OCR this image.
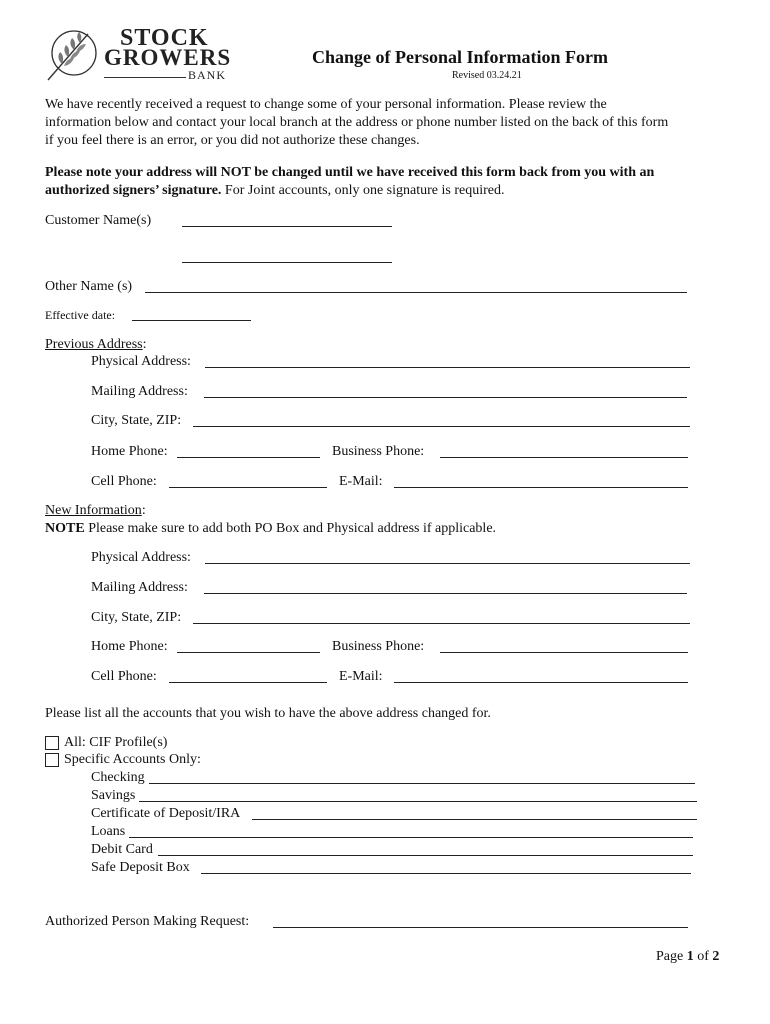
STOCK
GROWERS
BANK
Change of Personal Information Form
Revised 03.24.21
We have recently received a request to change some of your personal information. Please review the
information below and contact your local branch at the address or phone number listed on the back of this form
if you feel there is an error, or you did not authorize these changes.
Please note your address will NOT be changed until we have received this form back from you with an
authorized signers’ signature. For Joint accounts, only one signature is required.
Customer Name(s)
Other Name (s)
Effective date:
Previous Address:
Physical Address:
Mailing Address:
City, State, ZIP:
Home Phone:	Business Phone:
Cell Phone:	E-Mail:
New Information:
NOTE Please make sure to add both PO Box and Physical address if applicable.
Physical Address:
Mailing Address:
City, State, ZIP:
Home Phone:	Business Phone:
Cell Phone:	E-Mail:
Please list all the accounts that you wish to have the above address changed for.
All: CIF Profile(s)
Specific Accounts Only:
Checking
Savings
Certificate of Deposit/IRA
Loans
Debit Card
Safe Deposit Box
Authorized Person Making Request:
Page 1 of 2
